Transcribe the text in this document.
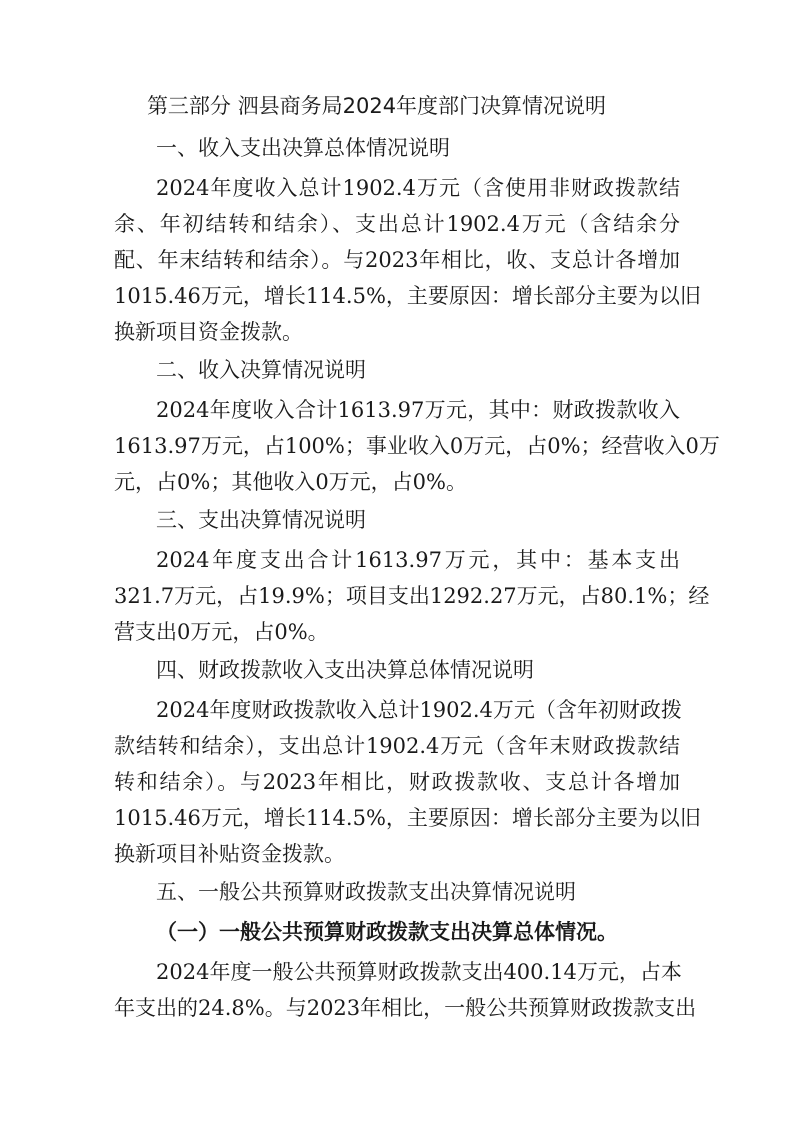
第三部分 泗县商务局2024年度部门决算情况说明
一、收入支出决算总体情况说明
2024年度收入总计1902.4万元（含使用非财政拨款结
余、年初结转和结余）、支出总计1902.4万元（含结余分
配、年末结转和结余）。与2023年相比，收、支总计各增加
1015.46万元，增长114.5%，主要原因：增长部分主要为以旧
换新项目资金拨款。
二、收入决算情况说明
2024年度收入合计1613.97万元，其中：财政拨款收入
1613.97万元，占100%；事业收入0万元，占0%；经营收入0万
元，占0%；其他收入0万元，占0%。
三、支出决算情况说明
2024年度支出合计1613.97万元，其中：基本支出
321.7万元，占19.9%；项目支出1292.27万元，占80.1%；经
营支出0万元，占0%。
四、财政拨款收入支出决算总体情况说明
2024年度财政拨款收入总计1902.4万元（含年初财政拨
款结转和结余），支出总计1902.4万元（含年末财政拨款结
转和结余）。与2023年相比，财政拨款收、支总计各增加
1015.46万元，增长114.5%，主要原因：增长部分主要为以旧
换新项目补贴资金拨款。
五、一般公共预算财政拨款支出决算情况说明
（一）一般公共预算财政拨款支出决算总体情况。
2024年度一般公共预算财政拨款支出400.14万元，占本
年支出的24.8%。与2023年相比，一般公共预算财政拨款支出
